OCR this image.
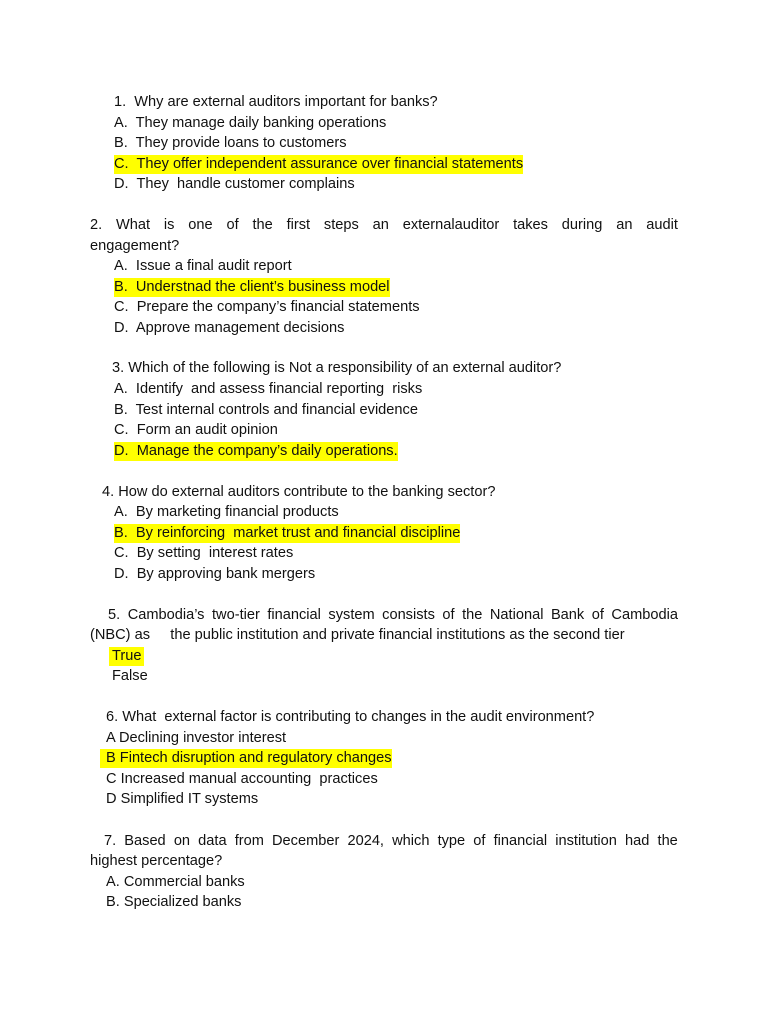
1.  Why are external auditors important for banks?
A.  They manage daily banking operations
B.  They provide loans to customers
C.  They offer independent assurance over financial statements
D.  They  handle customer complains
2. What is one of the first steps an externalauditor takes during an audit
engagement?
A.  Issue a final audit report
B.  Understnad the client’s business model
C.  Prepare the company’s financial statements
D.  Approve management decisions
3. Which of the following is Not a responsibility of an external auditor?
A.  Identify  and assess financial reporting  risks
B.  Test internal controls and financial evidence
C.  Form an audit opinion
D.  Manage the company’s daily operations.
4. How do external auditors contribute to the banking sector?
A.  By marketing financial products
B.  By reinforcing  market trust and financial discipline
C.  By setting  interest rates
D.  By approving bank mergers
5. Cambodia’s two-tier financial system consists of the National Bank of Cambodia
(NBC) as     the public institution and private financial institutions as the second tier
True
False
6. What  external factor is contributing to changes in the audit environment?
A Declining investor interest
B Fintech disruption and regulatory changes
C Increased manual accounting  practices
D Simplified IT systems
7. Based on data from December 2024, which type of financial institution had the
highest percentage?
A. Commercial banks
B. Specialized banks
